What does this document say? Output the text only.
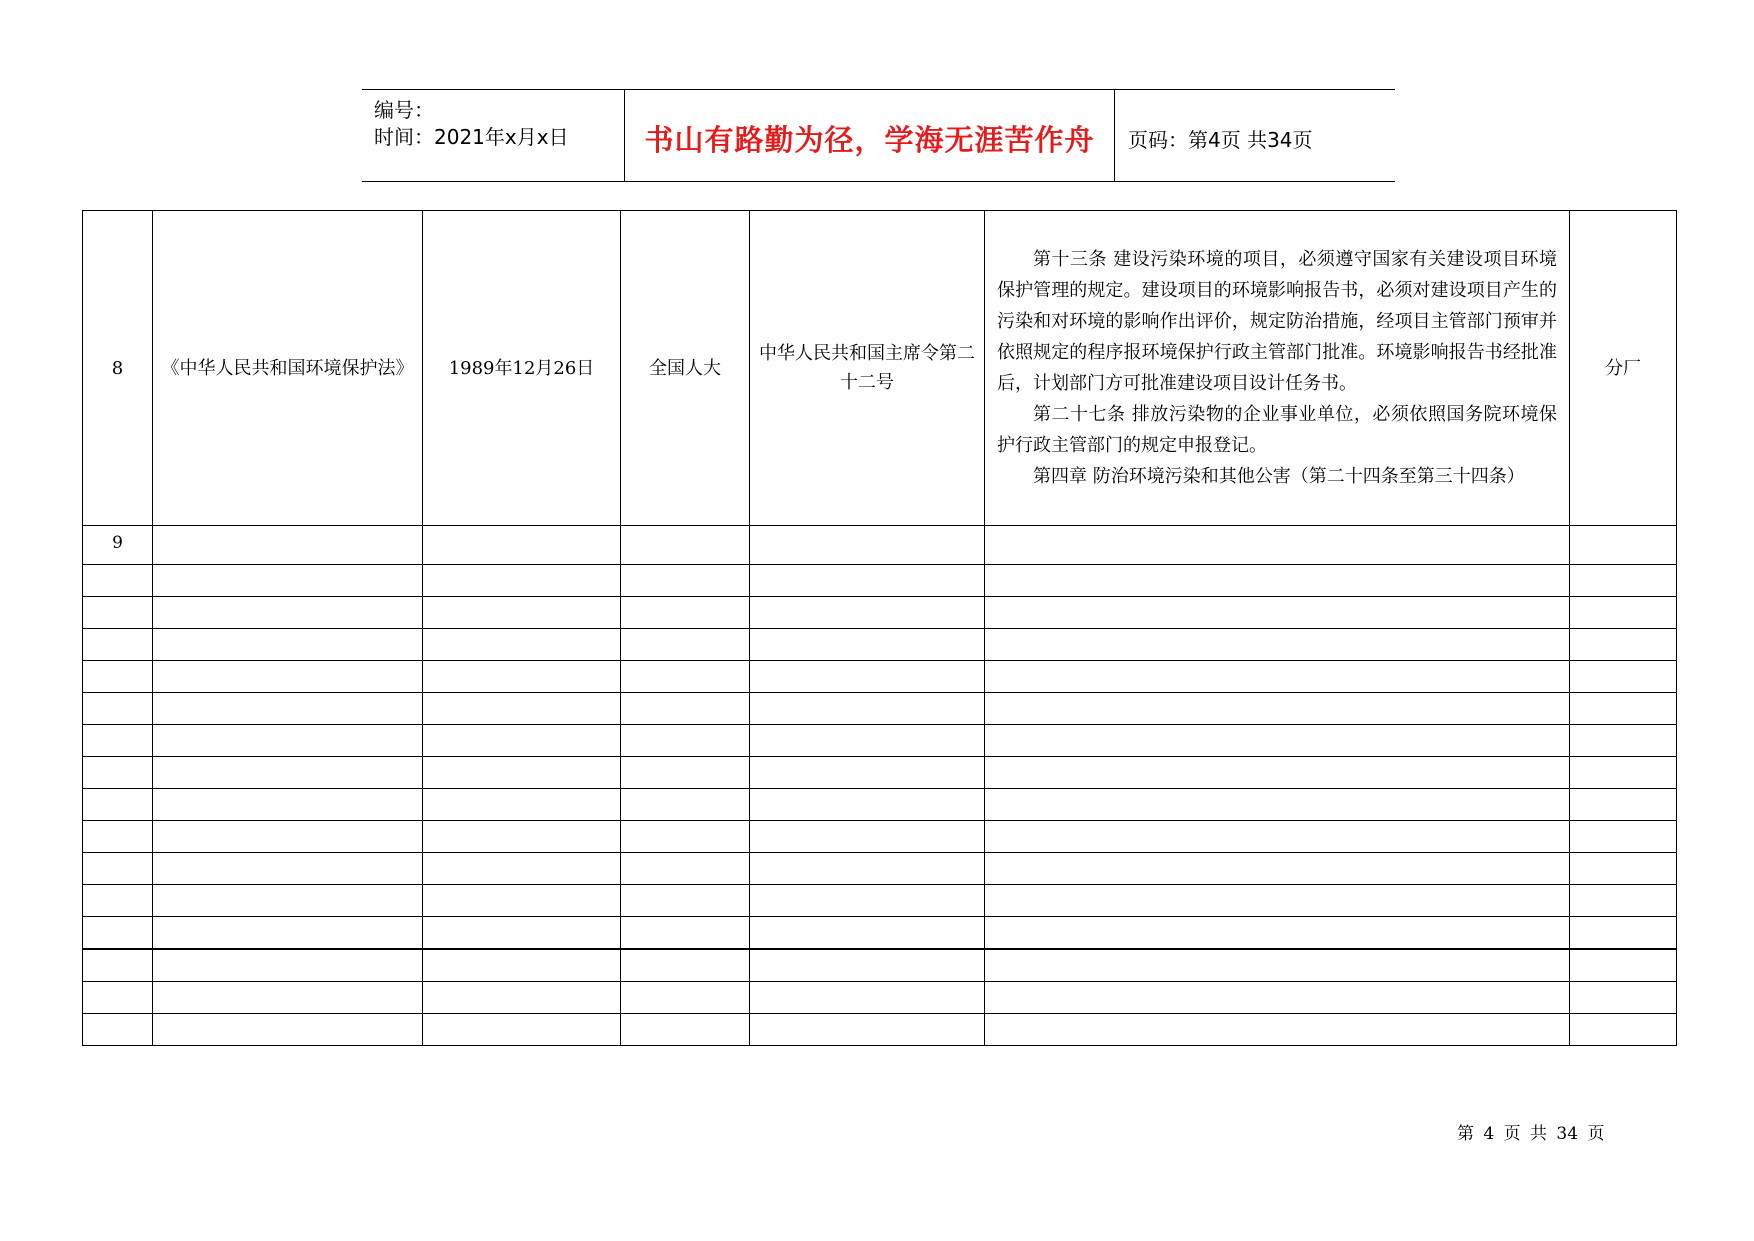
编号：
时间：2021年x月x日	书山有路勤为径，学海无涯苦作舟 页码：第4页 共34页
8	《中华人民共和国环境保护法》	1989年12月26日	全国人大	中华人民共和国主席令第二十二号	第十三条 建设污染环境的项目，必须遵守国家有关建设项目环境保护管理的规定。建设项目的环境影响报告书，必须对建设项目产生的污染和对环境的影响作出评价，规定防治措施，经项目主管部门预审并依照规定的程序报环境保护行政主管部门批准。环境影响报告书经批准后，计划部门方可批准建设项目设计任务书。

第二十七条 排放污染物的企业事业单位，必须依照国务院环境保护行政主管部门的规定申报登记。

第四章 防治环境污染和其他公害（第二十四条至第三十四条）	分厂

9						

第 4 页 共 34 页
